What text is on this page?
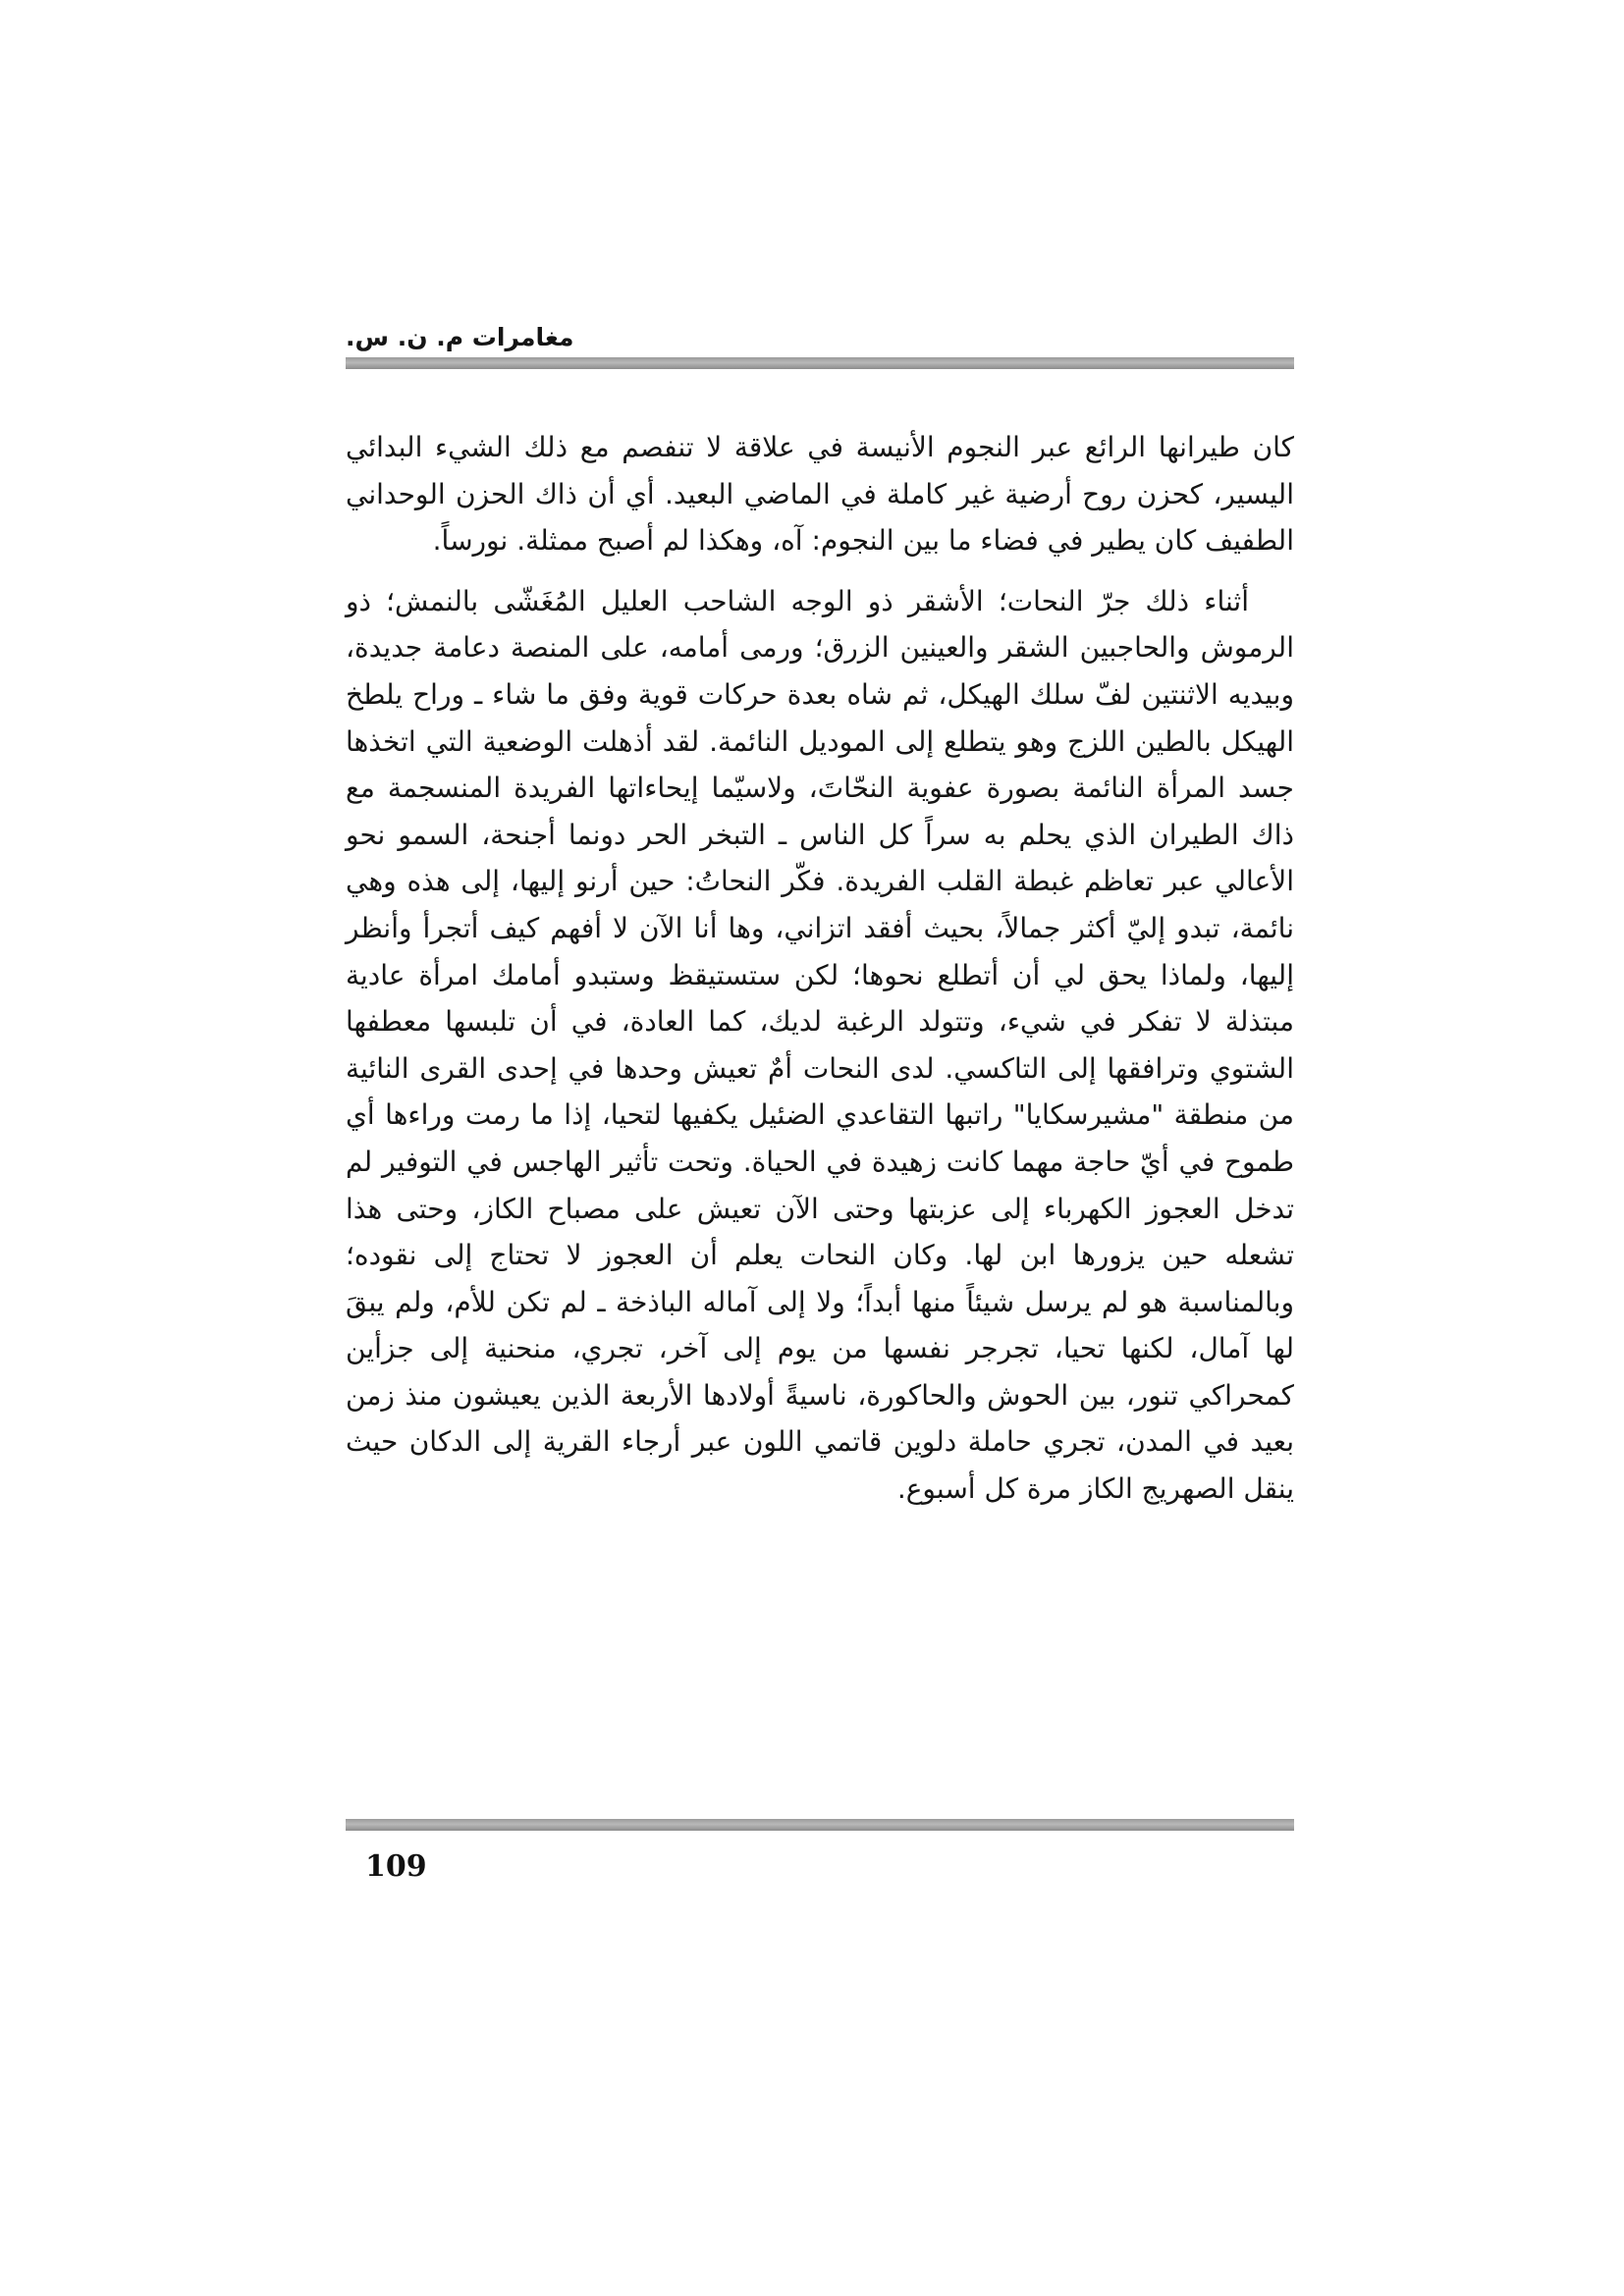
مغامرات م. ن. س.

كان طيرانها الرائع عبر النجوم الأنيسة في علاقة لا تنفصم مع ذلك الشيء البدائي اليسير، كحزن روح أرضية غير كاملة في الماضي البعيد. أي أن ذاك الحزن الوحداني الطفيف كان يطير في فضاء ما بين النجوم: آه، وهكذا لم أصبح ممثلة. نورساً.

أثناء ذلك جرّ النحات؛ الأشقر ذو الوجه الشاحب العليل المُغَشّى بالنمش؛ ذو الرموش والحاجبين الشقر والعينين الزرق؛ ورمى أمامه، على المنصة دعامة جديدة، وبيديه الاثنتين لفّ سلك الهيكل، ثم شاه بعدة حركات قوية وفق ما شاء ـ وراح يلطخ الهيكل بالطين اللزج وهو يتطلع إلى الموديل النائمة. لقد أذهلت الوضعية التي اتخذها جسد المرأة النائمة بصورة عفوية النحّاتَ، ولاسيّما إيحاءاتها الفريدة المنسجمة مع ذاك الطيران الذي يحلم به سراً كل الناس ـ التبخر الحر دونما أجنحة، السمو نحو الأعالي عبر تعاظم غبطة القلب الفريدة. فكّر النحاتُ: حين أرنو إليها، إلى هذه وهي نائمة، تبدو إليّ أكثر جمالاً، بحيث أفقد اتزاني، وها أنا الآن لا أفهم كيف أتجرأ وأنظر إليها، ولماذا يحق لي أن أتطلع نحوها؛ لكن ستستيقظ وستبدو أمامك امرأة عادية مبتذلة لا تفكر في شيء، وتتولد الرغبة لديك، كما العادة، في أن تلبسها معطفها الشتوي وترافقها إلى التاكسي. لدى النحات أمٌ تعيش وحدها في إحدى القرى النائية من منطقة "مشيرسكايا" راتبها التقاعدي الضئيل يكفيها لتحيا، إذا ما رمت وراءها أي طموح في أيّ حاجة مهما كانت زهيدة في الحياة. وتحت تأثير الهاجس في التوفير لم تدخل العجوز الكهرباء إلى عزبتها وحتى الآن تعيش على مصباح الكاز، وحتى هذا تشعله حين يزورها ابن لها. وكان النحات يعلم أن العجوز لا تحتاج إلى نقوده؛ وبالمناسبة هو لم يرسل شيئاً منها أبداً؛ ولا إلى آماله الباذخة ـ لم تكن للأم، ولم يبقَ لها آمال، لكنها تحيا، تجرجر نفسها من يوم إلى آخر، تجري، منحنية إلى جزأين كمحراكي تنور، بين الحوش والحاكورة، ناسيةً أولادها الأربعة الذين يعيشون منذ زمن بعيد في المدن، تجري حاملة دلوين قاتمي اللون عبر أرجاء القرية إلى الدكان حيث ينقل الصهريج الكاز مرة كل أسبوع.

109
